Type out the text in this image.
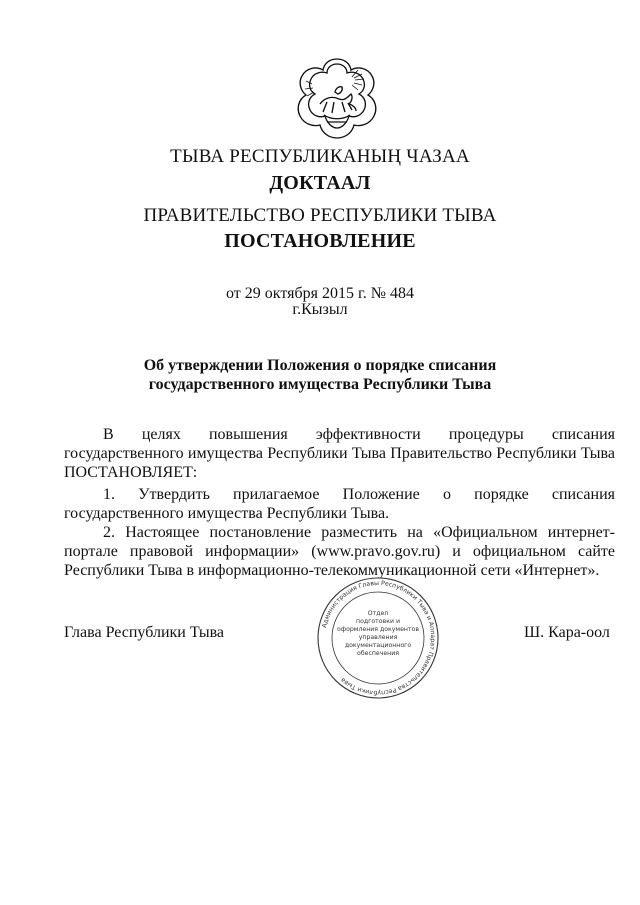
ТЫВА РЕСПУБЛИКАНЫҢ ЧАЗАА
ДОКТААЛ
ПРАВИТЕЛЬСТВО РЕСПУБЛИКИ ТЫВА
ПОСТАНОВЛЕНИЕ
от 29 октября 2015 г. № 484
г.Кызыл
Об утверждении Положения о порядке списания
государственного имущества Республики Тыва

В целях повышения эффективности процедуры списания государственного имущества Республики Тыва Правительство Республики Тыва ПОСТАНОВЛЯЕТ:

1. Утвердить прилагаемое Положение о порядке списания государственного имущества Республики Тыва.

2. Настоящее постановление разместить на «Официальном интернет-портале правовой информации» (www.pravo.gov.ru) и официальном сайте Республики Тыва в информационно-телекоммуникационной сети «Интернет».

Глава Республики Тыва	Ш. Кара-оол
Администрация Главы Республики Тыва и Аппарат Правительства Республики Тыва
Отдел
подготовки и
оформления документов
управления
документационного
обеспечения
